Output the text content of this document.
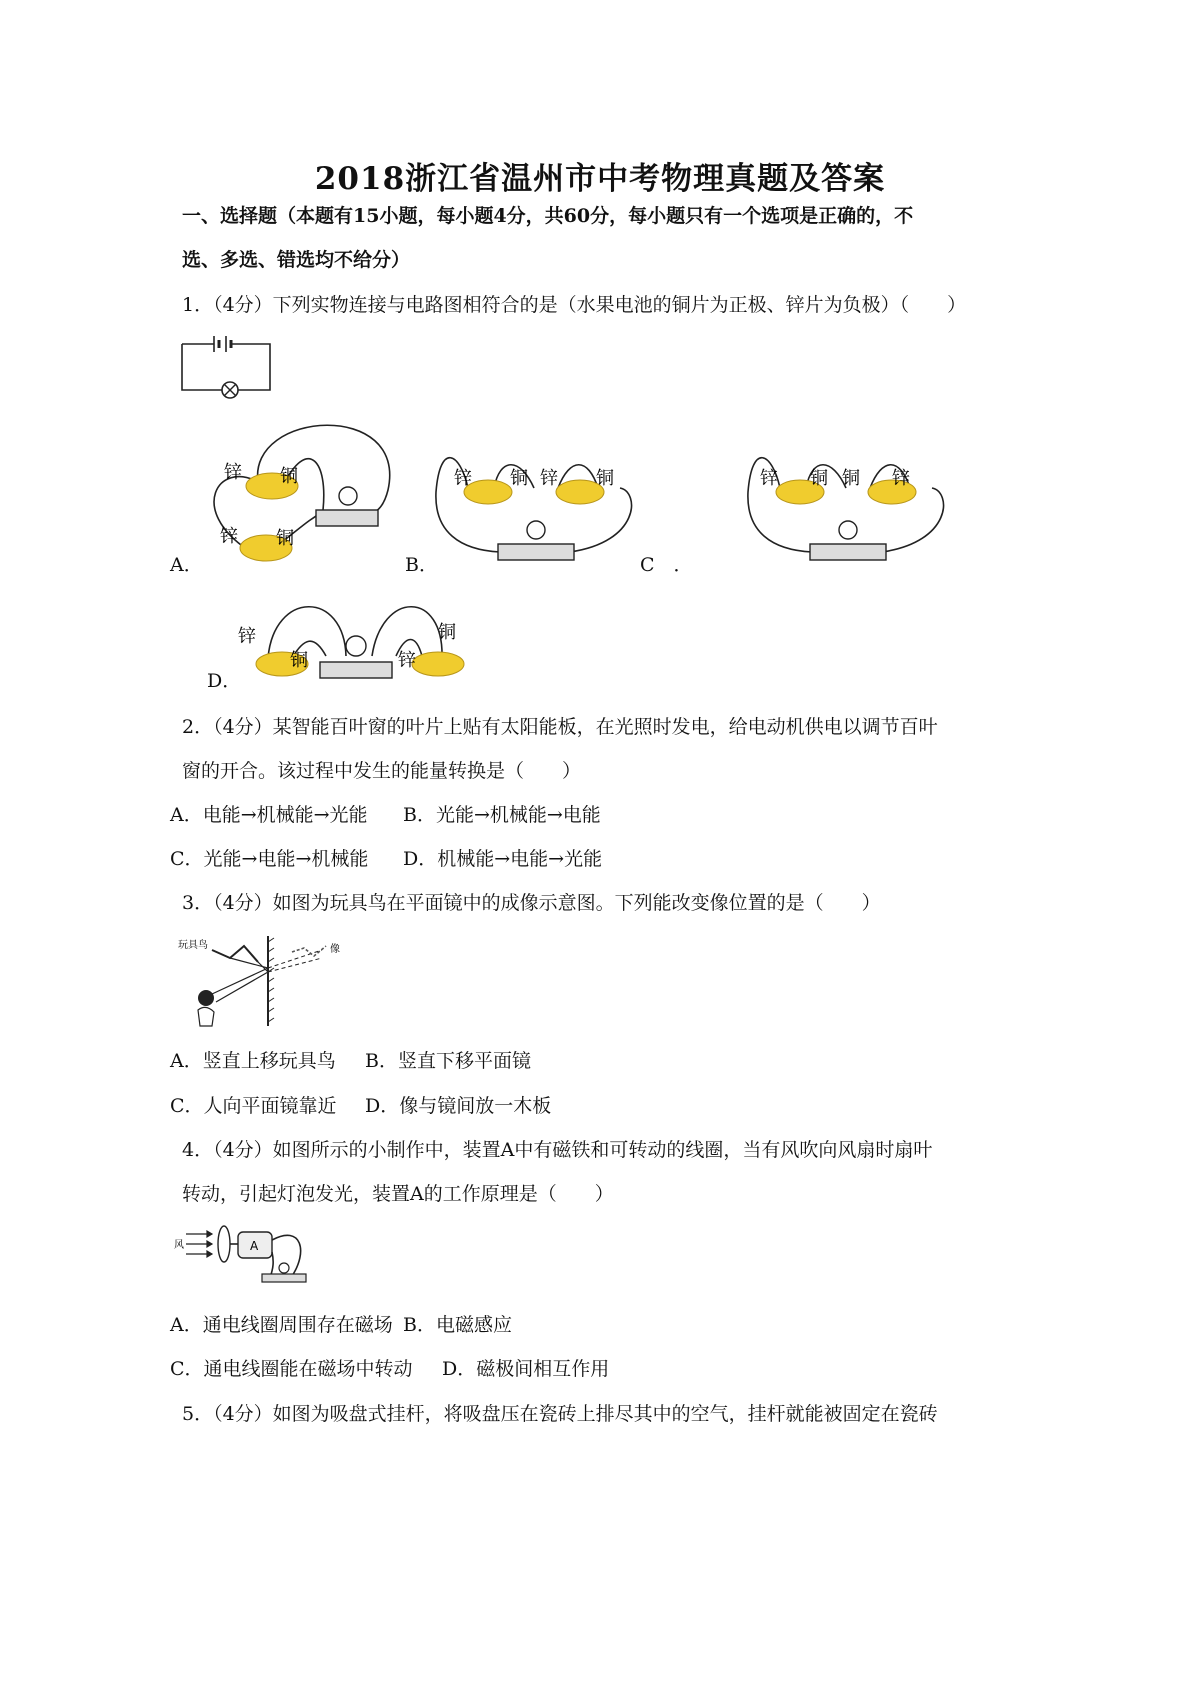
2018浙江省温州市中考物理真题及答案
一、选择题（本题有15小题，每小题4分，共60分，每小题只有一个选项是正确的，不
选、多选、错选均不给分）
1．（4分）下列实物连接与电路图相符合的是（水果电池的铜片为正极、锌片为负极）（　　）
A．
锌 铜
锌 铜
B．
锌 铜 锌 铜
C　．
锌 铜 铜 锌
D．
锌
铜	锌
铜
2．（4分）某智能百叶窗的叶片上贴有太阳能板，在光照时发电，给电动机供电以调节百叶
窗的开合。该过程中发生的能量转换是（　　）
A．电能→机械能→光能 B．光能→机械能→电能
C．光能→电能→机械能 D．机械能→电能→光能
3．（4分）如图为玩具鸟在平面镜中的成像示意图。下列能改变像位置的是（　　）
玩具鸟	像
A．竖直上移玩具鸟 B．竖直下移平面镜
C．人向平面镜靠近 D．像与镜间放一木板
4．（4分）如图所示的小制作中，装置A中有磁铁和可转动的线圈，当有风吹向风扇时扇叶
转动，引起灯泡发光，装置A的工作原理是（　　）
风	A
A．通电线圈周围存在磁场 B．电磁感应
C．通电线圈能在磁场中转动 D．磁极间相互作用
5．（4分）如图为吸盘式挂杆，将吸盘压在瓷砖上排尽其中的空气，挂杆就能被固定在瓷砖
